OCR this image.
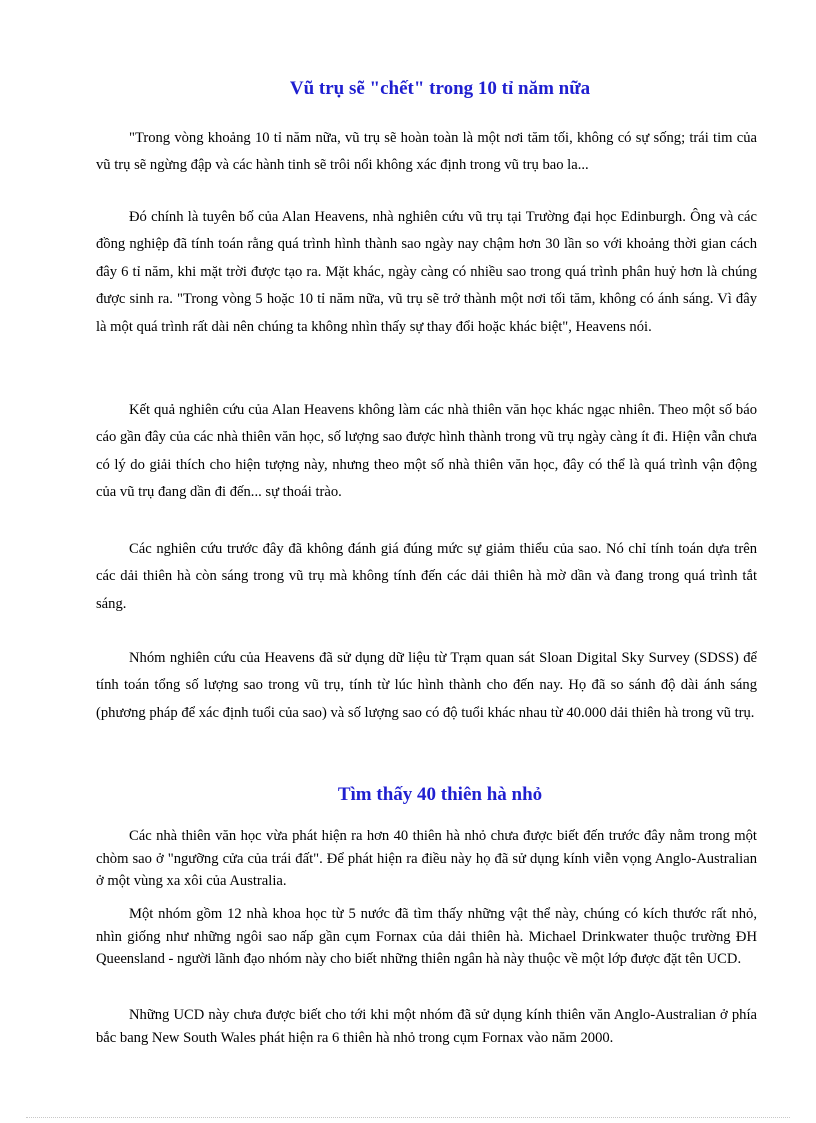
Vũ trụ sẽ "chết" trong 10 tỉ năm nữa

"Trong vòng khoảng 10 tỉ năm nữa, vũ trụ sẽ hoàn toàn là một nơi tăm tối, không có sự sống; trái tim của vũ trụ sẽ ngừng đập và các hành tinh sẽ trôi nổi không xác định trong vũ trụ bao la...

Đó chính là tuyên bố của Alan Heavens, nhà nghiên cứu vũ trụ tại Trường đại học Edinburgh. Ông và các đồng nghiệp đã tính toán rằng quá trình hình thành sao ngày nay chậm hơn 30 lần so với khoảng thời gian cách đây 6 tỉ năm, khi mặt trời được tạo ra. Mặt khác, ngày càng có nhiều sao trong quá trình phân huỷ hơn là chúng được sinh ra. "Trong vòng 5 hoặc 10 tỉ năm nữa, vũ trụ sẽ trở thành một nơi tối tăm, không có ánh sáng. Vì đây là một quá trình rất dài nên chúng ta không nhìn thấy sự thay đổi hoặc khác biệt", Heavens nói.

Kết quả nghiên cứu của Alan Heavens không làm các nhà thiên văn học khác ngạc nhiên. Theo một số báo cáo gần đây của các nhà thiên văn học, số lượng sao được hình thành trong vũ trụ ngày càng ít đi. Hiện vẫn chưa có lý do giải thích cho hiện tượng này, nhưng theo một số nhà thiên văn học, đây có thể là quá trình vận động của vũ trụ đang dần đi đến... sự thoái trào.

Các nghiên cứu trước đây đã không đánh giá đúng mức sự giảm thiểu của sao. Nó chỉ tính toán dựa trên các dải thiên hà còn sáng trong vũ trụ mà không tính đến các dải thiên hà mờ dần và đang trong quá trình tắt sáng.

Nhóm nghiên cứu của Heavens đã sử dụng dữ liệu từ Trạm quan sát Sloan Digital Sky Survey (SDSS) để tính toán tổng số lượng sao trong vũ trụ, tính từ lúc hình thành cho đến nay. Họ đã so sánh độ dài ánh sáng (phương pháp để xác định tuổi của sao) và số lượng sao có độ tuổi khác nhau từ 40.000 dải thiên hà trong vũ trụ.

Tìm thấy 40 thiên hà nhỏ

Các nhà thiên văn học vừa phát hiện ra hơn 40 thiên hà nhỏ chưa được biết đến trước đây nằm trong một chòm sao ở "ngưỡng cửa của trái đất". Để phát hiện ra điều này họ đã sử dụng kính viễn vọng Anglo-Australian ở một vùng xa xôi của Australia.

Một nhóm gồm 12 nhà khoa học từ 5 nước đã tìm thấy những vật thể này, chúng có kích thước rất nhỏ, nhìn giống như những ngôi sao nấp gần cụm Fornax của dải thiên hà. Michael Drinkwater thuộc trường ĐH Queensland - người lãnh đạo nhóm này cho biết những thiên ngân hà này thuộc về một lớp được đặt tên UCD.

Những UCD này chưa được biết cho tới khi một nhóm đã sử dụng kính thiên văn Anglo-Australian ở phía bắc bang New South Wales phát hiện ra 6 thiên hà nhỏ trong cụm Fornax vào năm 2000.
